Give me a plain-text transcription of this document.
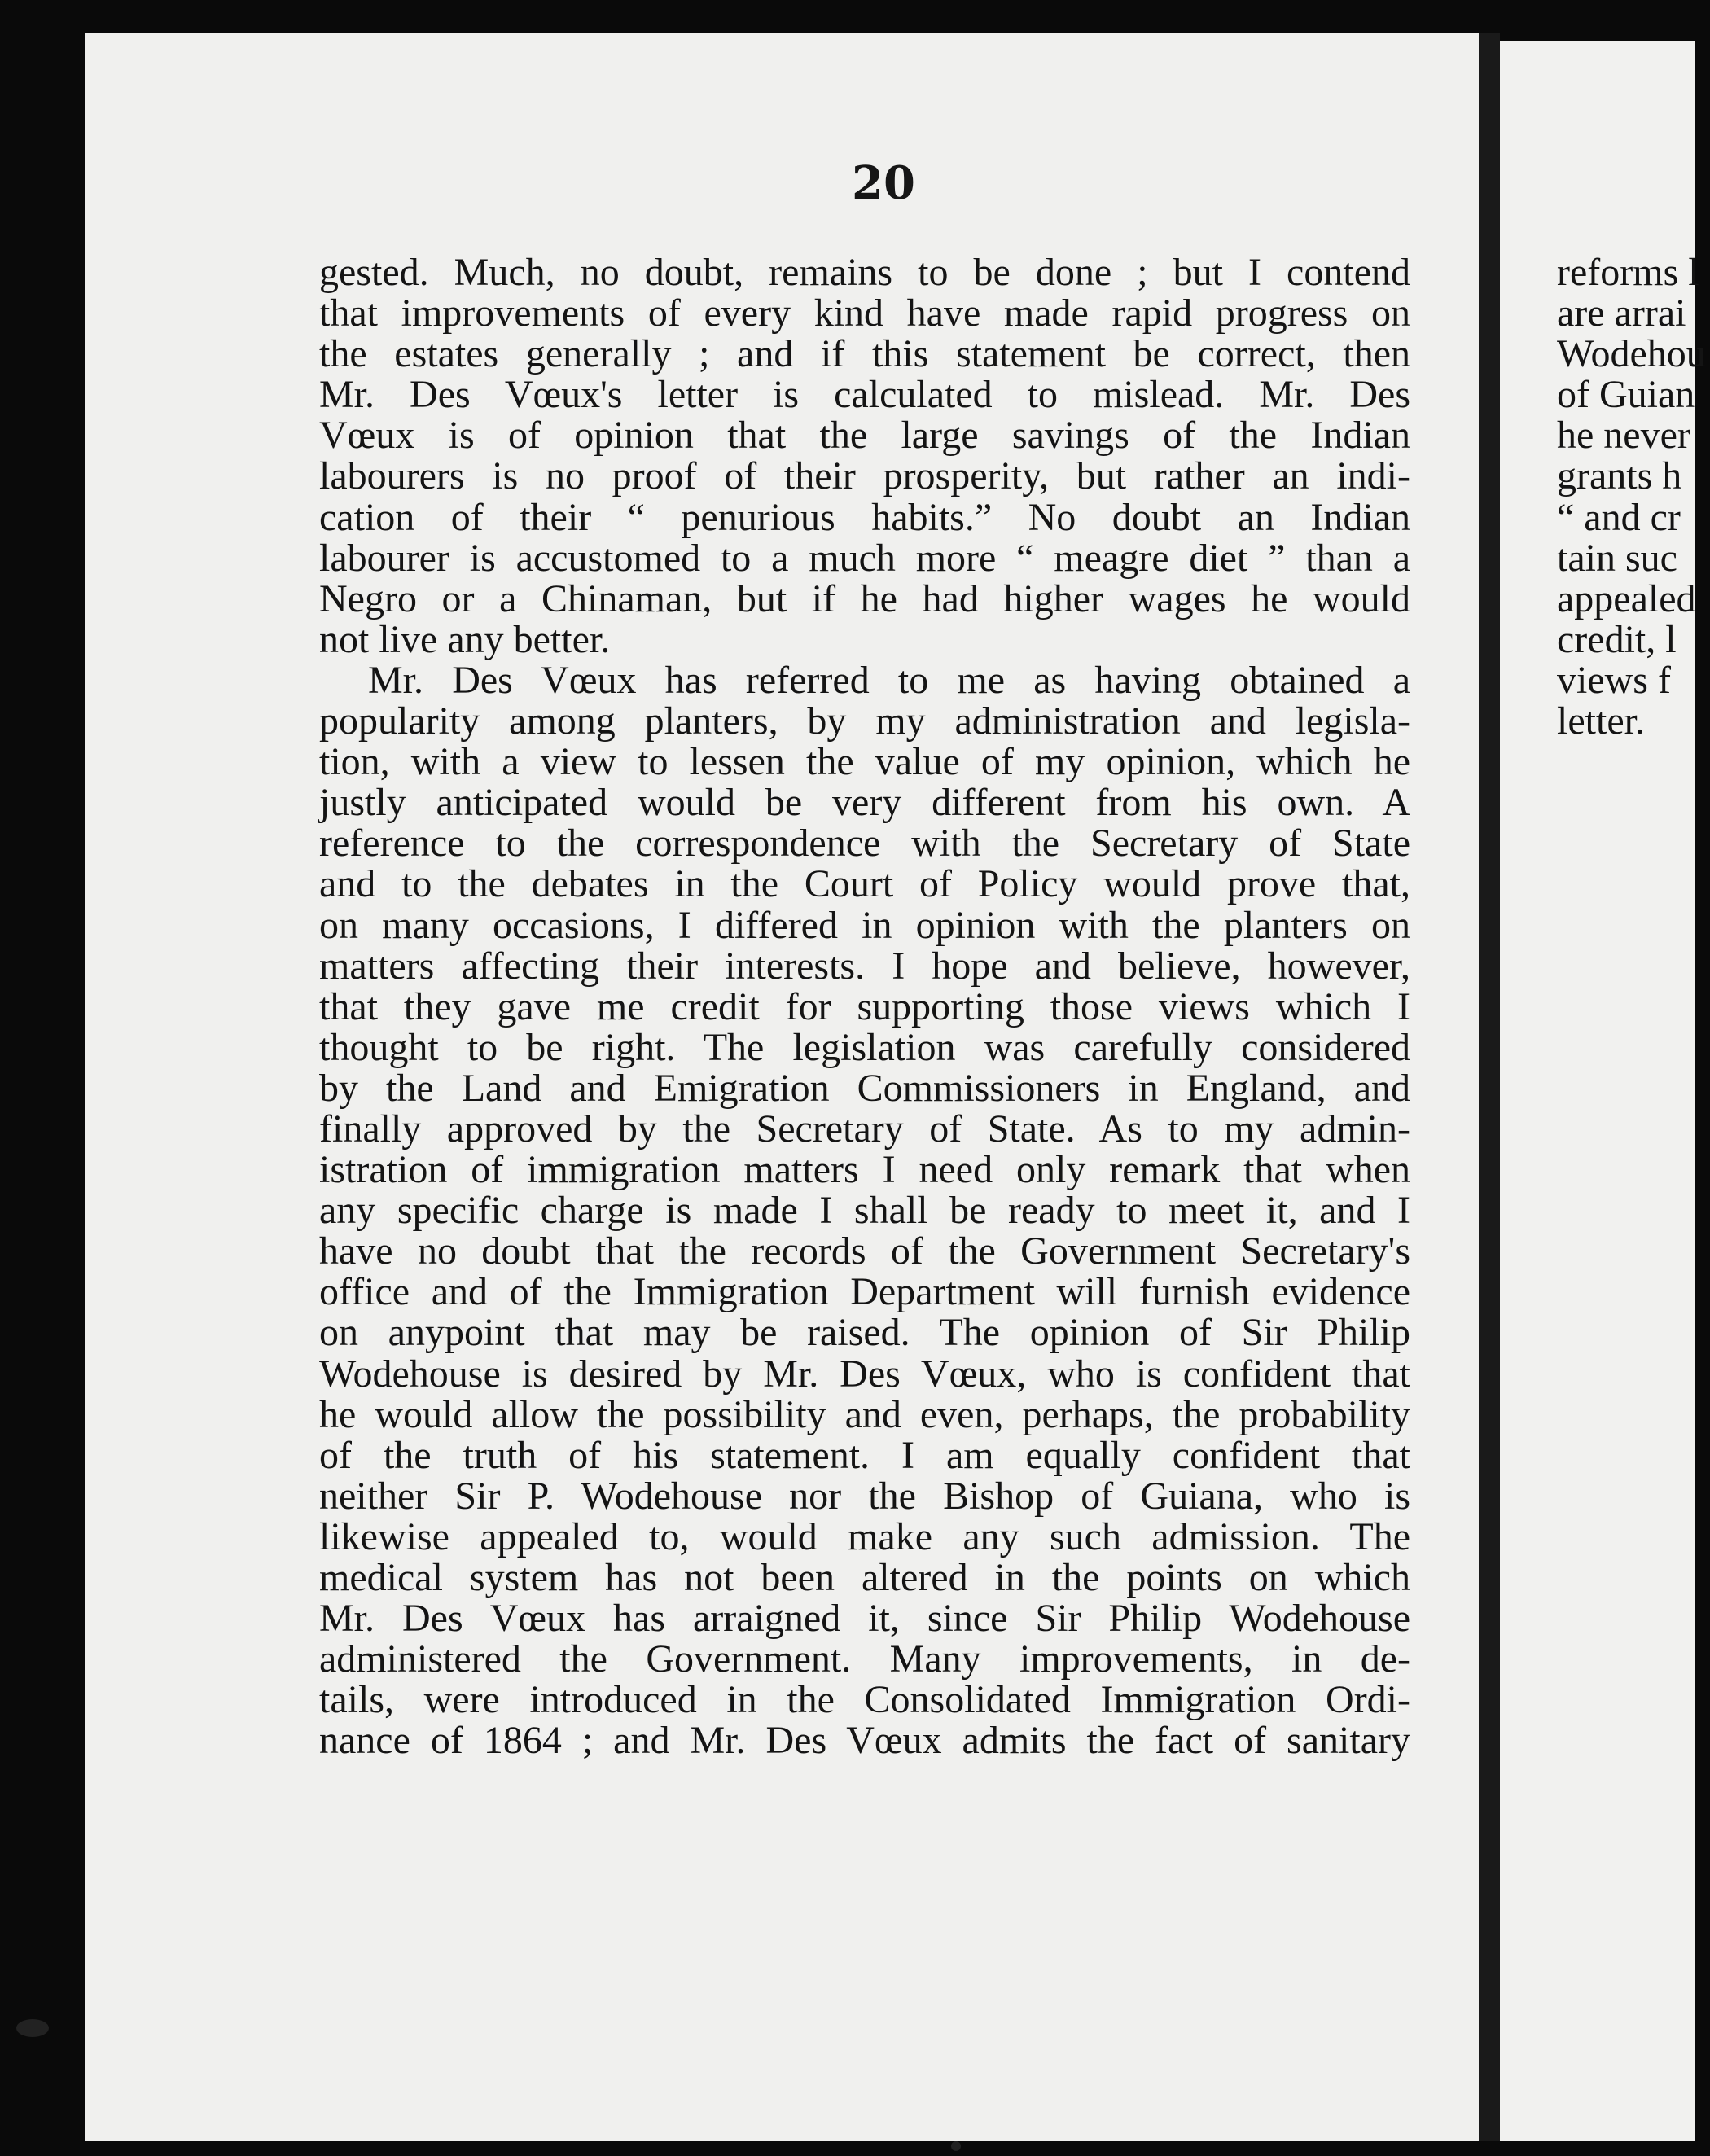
20
gested. Much, no doubt, remains to be done ; but I contend
that improvements of every kind have made rapid progress on
the estates generally ; and if this statement be correct, then
Mr. Des Vœux's letter is calculated to mislead. Mr. Des
Vœux is of opinion that the large savings of the Indian
labourers is no proof of their prosperity, but rather an indi-
cation of their “ penurious habits.” No doubt an Indian
labourer is accustomed to a much more “ meagre diet ” than a
Negro or a Chinaman, but if he had higher wages he would
not live any better.
Mr. Des Vœux has referred to me as having obtained a
popularity among planters, by my administration and legisla-
tion, with a view to lessen the value of my opinion, which he
justly anticipated would be very different from his own. A
reference to the correspondence with the Secretary of State
and to the debates in the Court of Policy would prove that,
on many occasions, I differed in opinion with the planters on
matters affecting their interests. I hope and believe, however,
that they gave me credit for supporting those views which I
thought to be right. The legislation was carefully considered
by the Land and Emigration Commissioners in England, and
finally approved by the Secretary of State. As to my admin-
istration of immigration matters I need only remark that when
any specific charge is made I shall be ready to meet it, and I
have no doubt that the records of the Government Secretary's
office and of the Immigration Department will furnish evidence
on anypoint that may be raised. The opinion of Sir Philip
Wodehouse is desired by Mr. Des Vœux, who is confident that
he would allow the possibility and even, perhaps, the probability
of the truth of his statement. I am equally confident that
neither Sir P. Wodehouse nor the Bishop of Guiana, who is
likewise appealed to, would make any such admission. The
medical system has not been altered in the points on which
Mr. Des Vœux has arraigned it, since Sir Philip Wodehouse
administered the Government. Many improvements, in de-
tails, were introduced in the Consolidated Immigration Ordi-
nance of 1864 ; and Mr. Des Vœux admits the fact of sanitary
reforms l
are arrai
Wodehou
of Guian
he never
grants h
“ and cr
tain suc
appealed
credit, l
views f
letter.
